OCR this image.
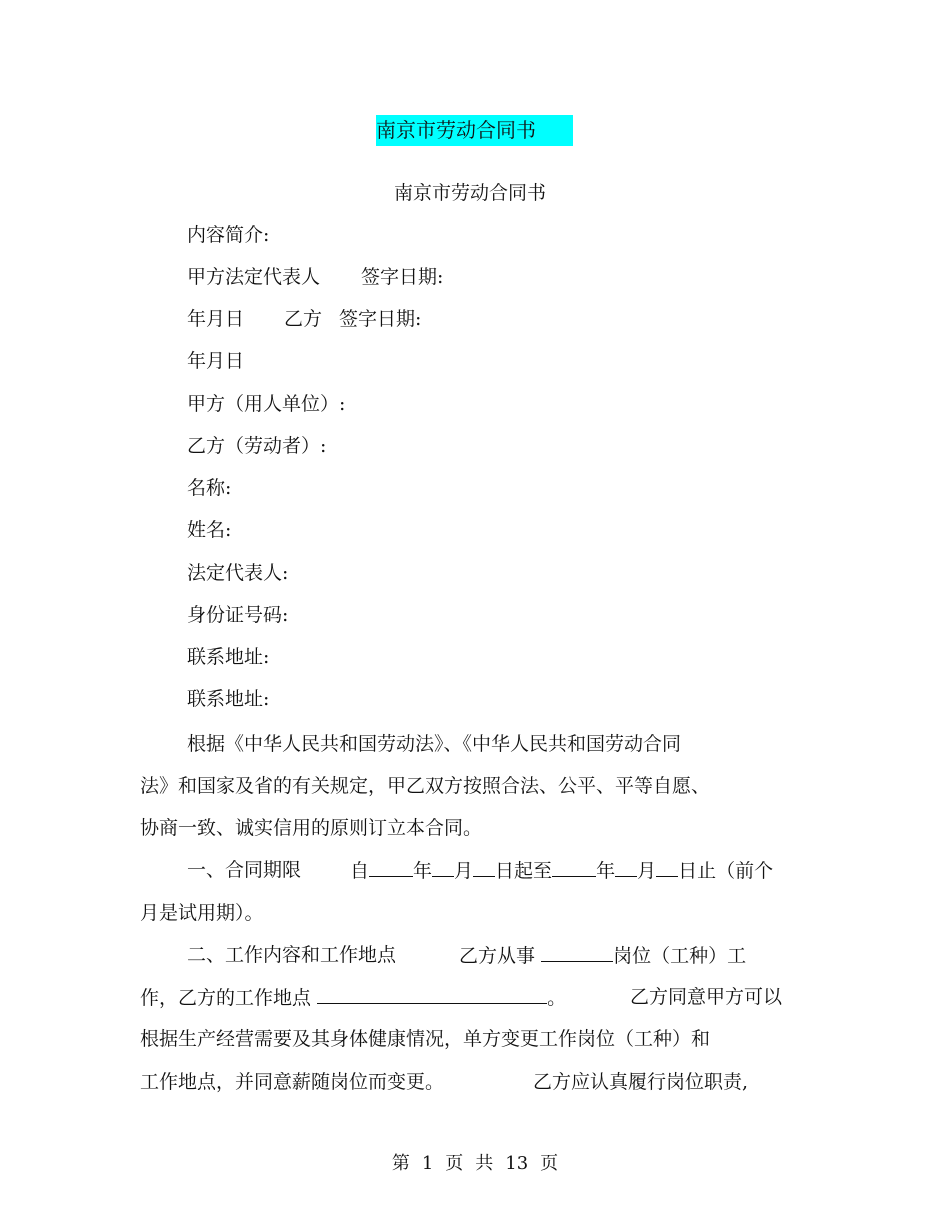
南京市劳动合同书
南京市劳动合同书
内容简介:
甲方法定代表人 签字日期:
年月日 乙方 签字日期:
年月日
甲方（用人单位）:
乙方（劳动者）:
名称:
姓名:
法定代表人:
身份证号码:
联系地址:
联系地址:
根据《中华人民共和国劳动法》、《中华人民共和国劳动合同
法》和国家及省的有关规定，甲乙双方按照合法、公平、平等自愿、
协商一致、诚实信用的原则订立本合同。
一、合同期限	自 年 月 日起至 年 月 日止（前个
月是试用期）。
二、工作内容和工作地点	乙方从事	岗位（工种）工
作，乙方的工作地点	。	乙方同意甲方可以
根据生产经营需要及其身体健康情况，单方变更工作岗位（工种）和
工作地点，并同意薪随岗位而变更。	乙方应认真履行岗位职责,
第 1 页 共 13 页
